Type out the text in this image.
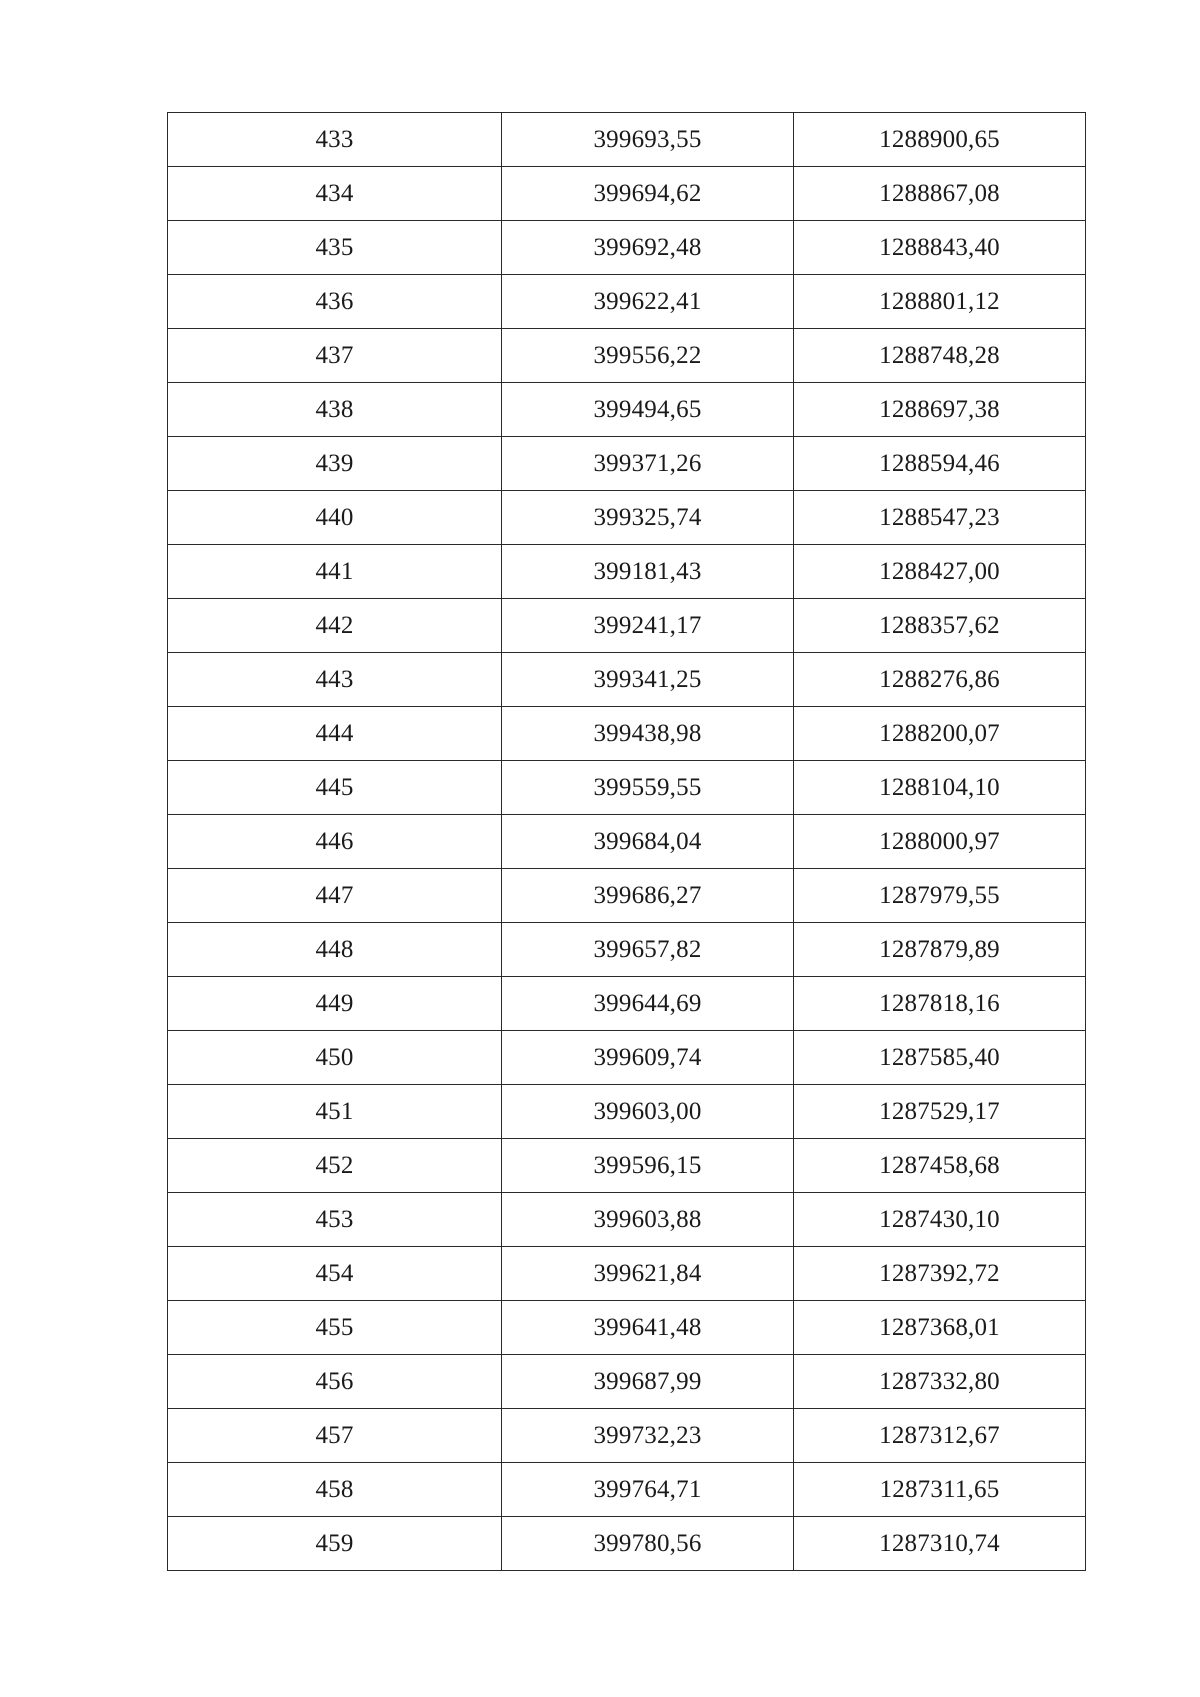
433	399693,55	1288900,65
434	399694,62	1288867,08
435	399692,48	1288843,40
436	399622,41	1288801,12
437	399556,22	1288748,28
438	399494,65	1288697,38
439	399371,26	1288594,46
440	399325,74	1288547,23
441	399181,43	1288427,00
442	399241,17	1288357,62
443	399341,25	1288276,86
444	399438,98	1288200,07
445	399559,55	1288104,10
446	399684,04	1288000,97
447	399686,27	1287979,55
448	399657,82	1287879,89
449	399644,69	1287818,16
450	399609,74	1287585,40
451	399603,00	1287529,17
452	399596,15	1287458,68
453	399603,88	1287430,10
454	399621,84	1287392,72
455	399641,48	1287368,01
456	399687,99	1287332,80
457	399732,23	1287312,67
458	399764,71	1287311,65
459	399780,56	1287310,74
